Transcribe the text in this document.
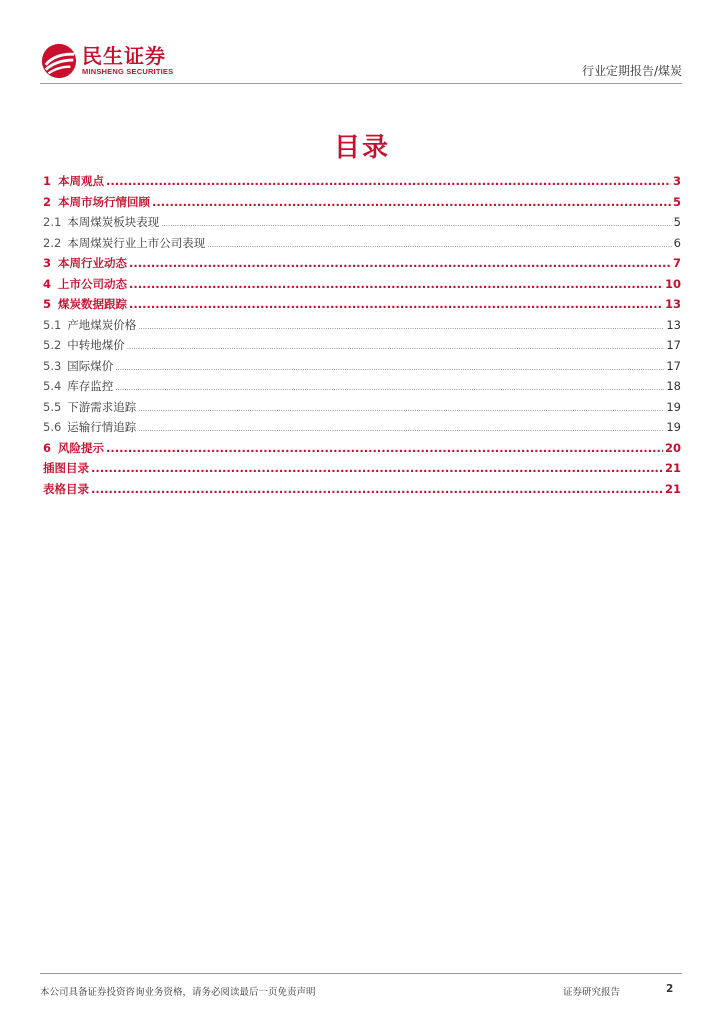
民生证券
MINSHENG SECURITIES	行业定期报告/煤炭
目录
1 本周观点 .....	3
2 本周市场行情回顾 .....	5
2.1 本周煤炭板块表现 .....	5
2.2 本周煤炭行业上市公司表现 .....	6
3 本周行业动态 .....	7
4 上市公司动态 .....	10
5 煤炭数据跟踪 .....	13
5.1 产地煤炭价格 .....	13
5.2 中转地煤价 .....	17
5.3 国际煤价 .....	17
5.4 库存监控 .....	18
5.5 下游需求追踪 .....	19
5.6 运输行情追踪 .....	19
6 风险提示 .....	20
插图目录 .....	21
表格目录 .....	21
本公司具备证券投资咨询业务资格，请务必阅读最后一页免责声明	证券研究报告	2
